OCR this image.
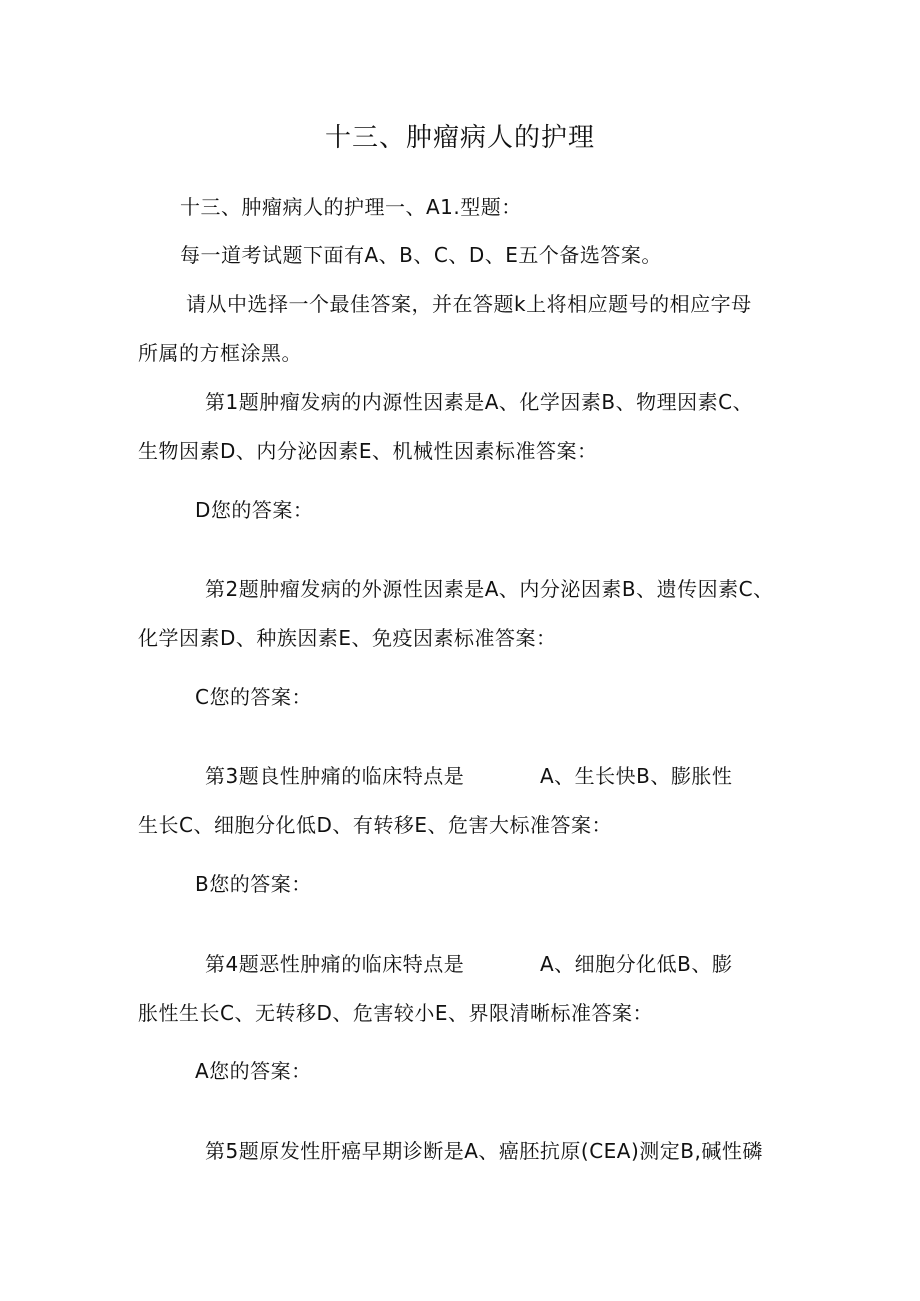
十三、肿瘤病人的护理
十三、肿瘤病人的护理一、A1.型题：
每一道考试题下面有A、B、C、D、E五个备选答案。
请从中选择一个最佳答案，并在答题k上将相应题号的相应字母
所属的方框涂黑。
第1题肿瘤发病的内源性因素是A、化学因素B、物理因素C、
生物因素D、内分泌因素E、机械性因素标准答案：
D您的答案：
第2题肿瘤发病的外源性因素是A、内分泌因素B、遗传因素C、
化学因素D、种族因素E、免疫因素标准答案：
C您的答案：
第3题良性肿痛的临床特点是	A、生长快B、膨胀性
生长C、细胞分化低D、有转移E、危害大标准答案：
B您的答案：
第4题恶性肿痛的临床特点是	A、细胞分化低B、膨
胀性生长C、无转移D、危害较小E、界限清晰标准答案：
A您的答案：
第5题原发性肝癌早期诊断是A、癌胚抗原(CEA)测定B,碱性磷
